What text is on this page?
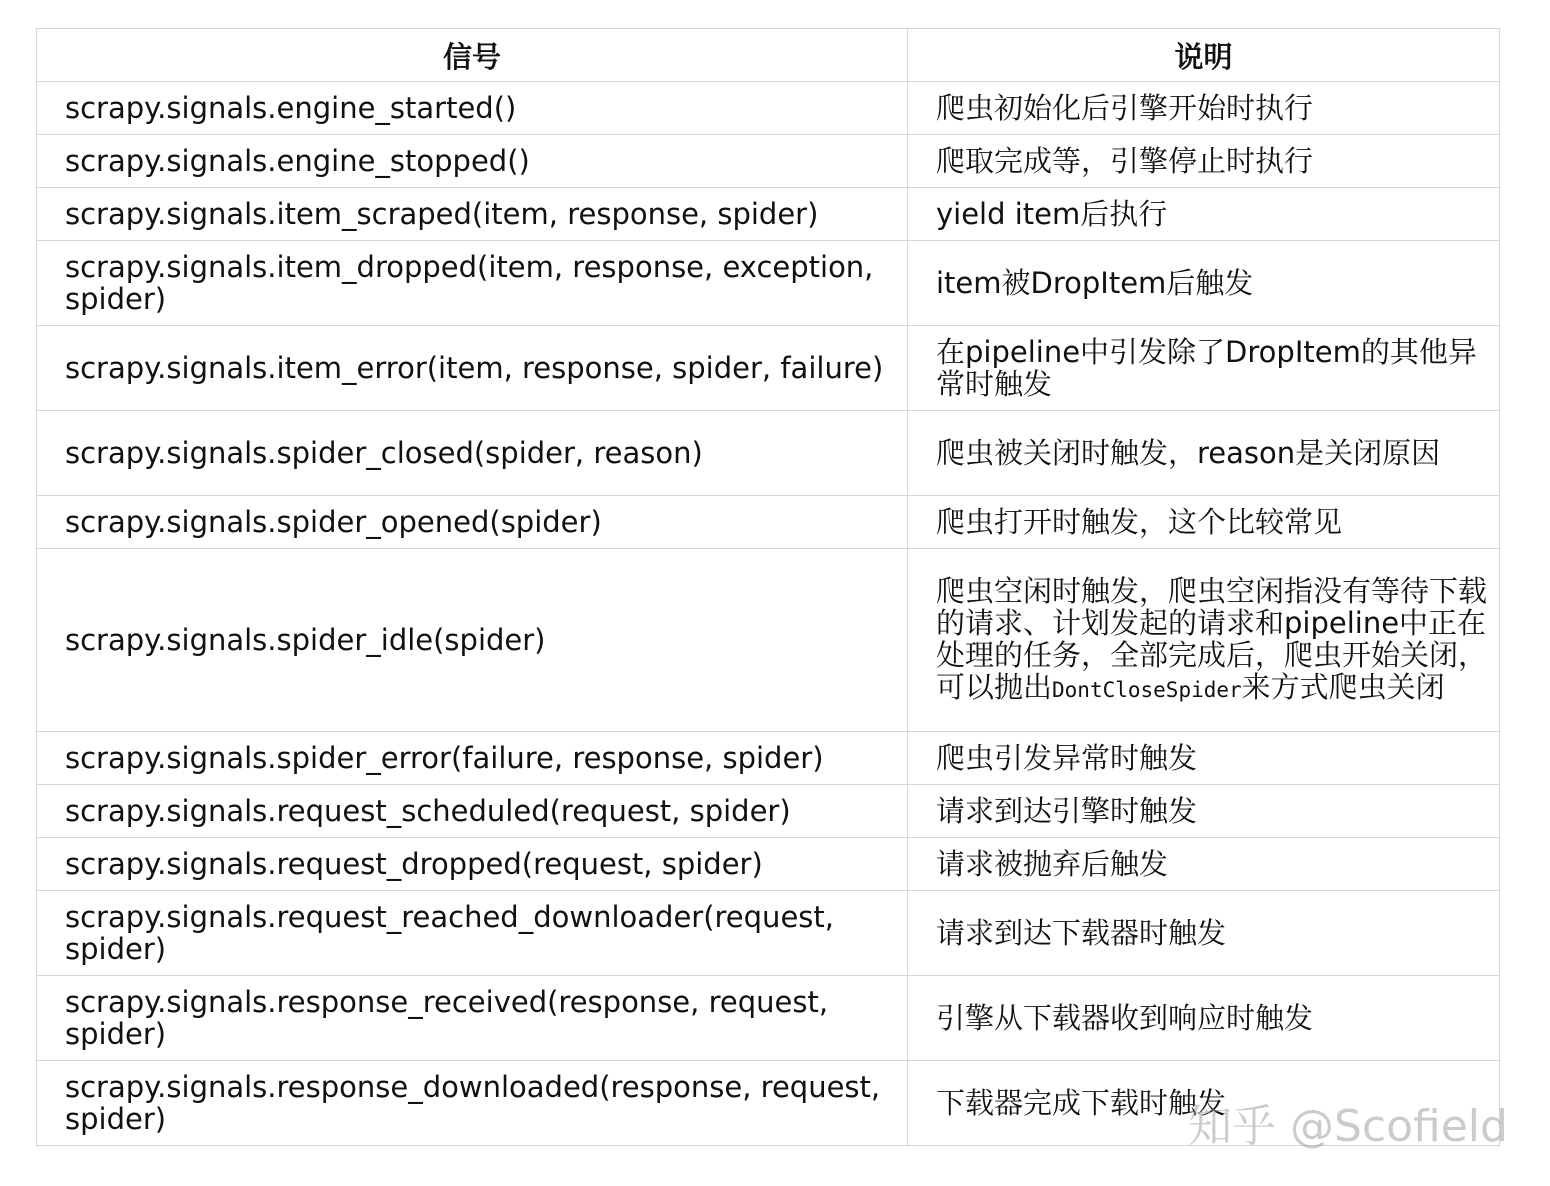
信号	说明
scrapy.signals.engine_started()	爬虫初始化后引擎开始时执行
scrapy.signals.engine_stopped()	爬取完成等，引擎停止时执行
scrapy.signals.item_scraped(item, response, spider)	yield item后执行
scrapy.signals.item_dropped(item, response, exception, spider)	item被DropItem后触发
scrapy.signals.item_error(item, response, spider, failure)	在pipeline中引发除了DropItem的其他异常时触发
scrapy.signals.spider_closed(spider, reason)	爬虫被关闭时触发，reason是关闭原因
scrapy.signals.spider_opened(spider)	爬虫打开时触发，这个比较常见
scrapy.signals.spider_idle(spider)	爬虫空闲时触发，爬虫空闲指没有等待下载的请求、计划发起的请求和pipeline中正在处理的任务，全部完成后，爬虫开始关闭，可以抛出DontCloseSpider来方式爬虫关闭
scrapy.signals.spider_error(failure, response, spider)	爬虫引发异常时触发
scrapy.signals.request_scheduled(request, spider)	请求到达引擎时触发
scrapy.signals.request_dropped(request, spider)	请求被抛弃后触发
scrapy.signals.request_reached_downloader(request, spider)	请求到达下载器时触发
scrapy.signals.response_received(response, request, spider)	引擎从下载器收到响应时触发
scrapy.signals.response_downloaded(response, request, spider)	下载器完成下载时触发
知乎 @Scofield
